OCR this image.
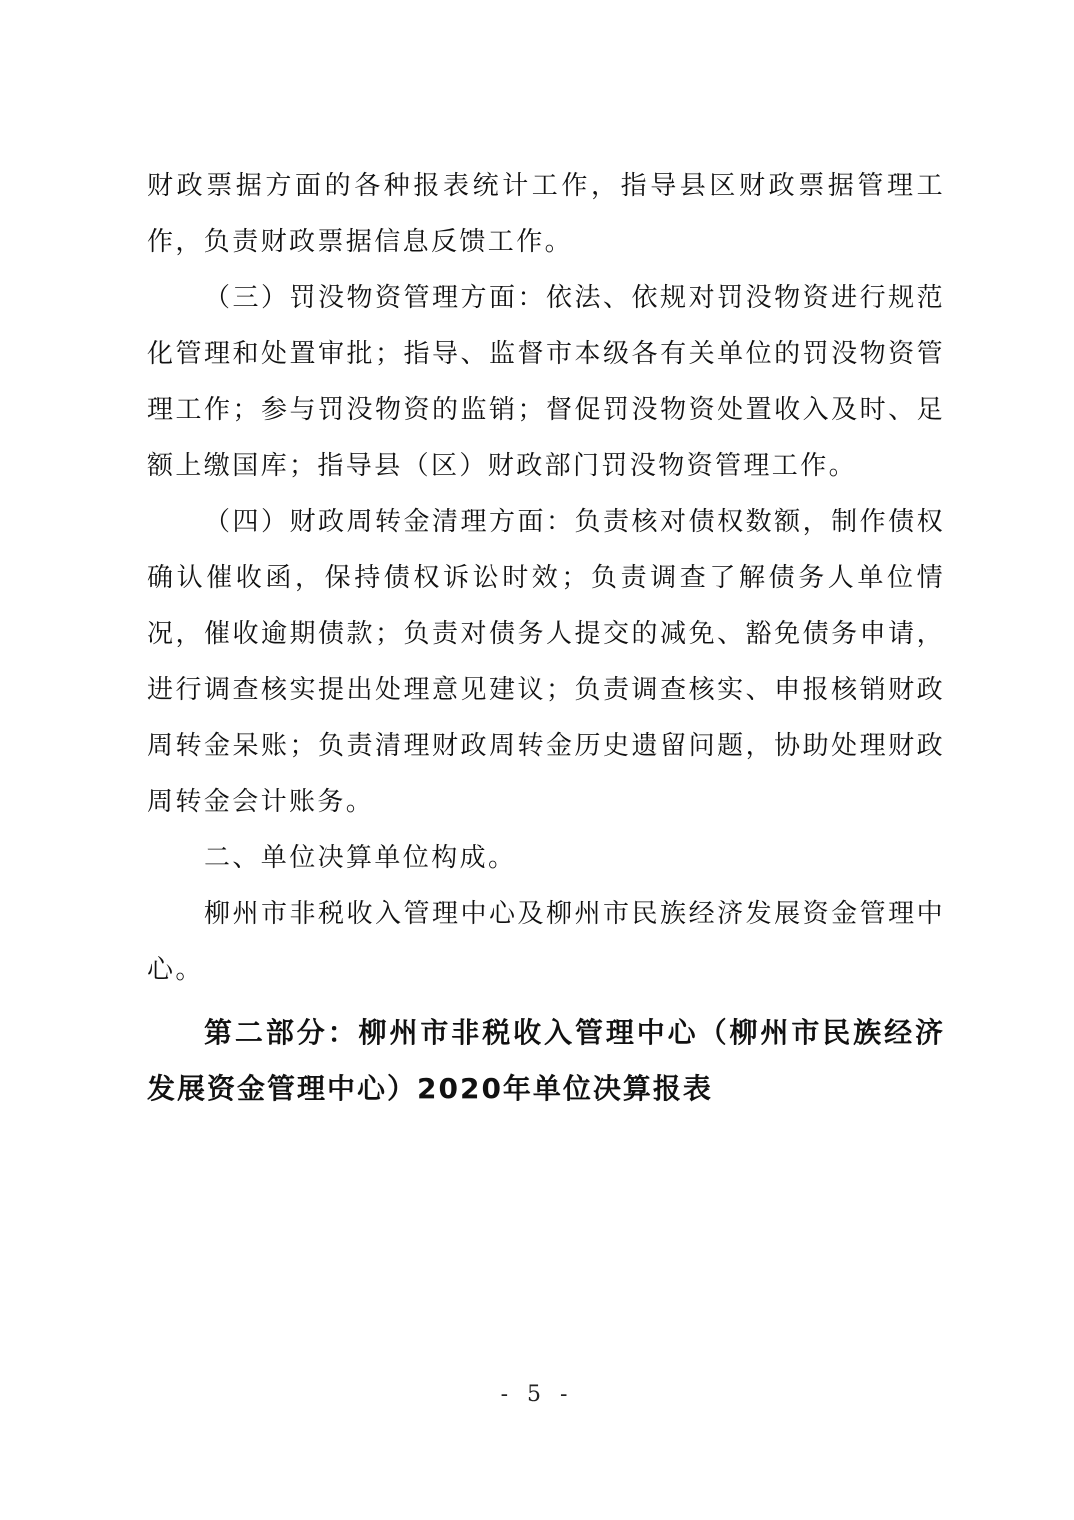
财政票据方面的各种报表统计工作，指导县区财政票据管理工作，负责财政票据信息反馈工作。

（三）罚没物资管理方面：依法、依规对罚没物资进行规范化管理和处置审批；指导、监督市本级各有关单位的罚没物资管理工作；参与罚没物资的监销；督促罚没物资处置收入及时、足额上缴国库；指导县（区）财政部门罚没物资管理工作。

（四）财政周转金清理方面：负责核对债权数额，制作债权确认催收函，保持债权诉讼时效；负责调查了解债务人单位情况，催收逾期债款；负责对债务人提交的减免、豁免债务申请，进行调查核实提出处理意见建议；负责调查核实、申报核销财政周转金呆账；负责清理财政周转金历史遗留问题，协助处理财政周转金会计账务。

二、单位决算单位构成。

柳州市非税收入管理中心及柳州市民族经济发展资金管理中心。

第二部分：柳州市非税收入管理中心（柳州市民族经济发展资金管理中心）2020年单位决算报表

- 5 -
